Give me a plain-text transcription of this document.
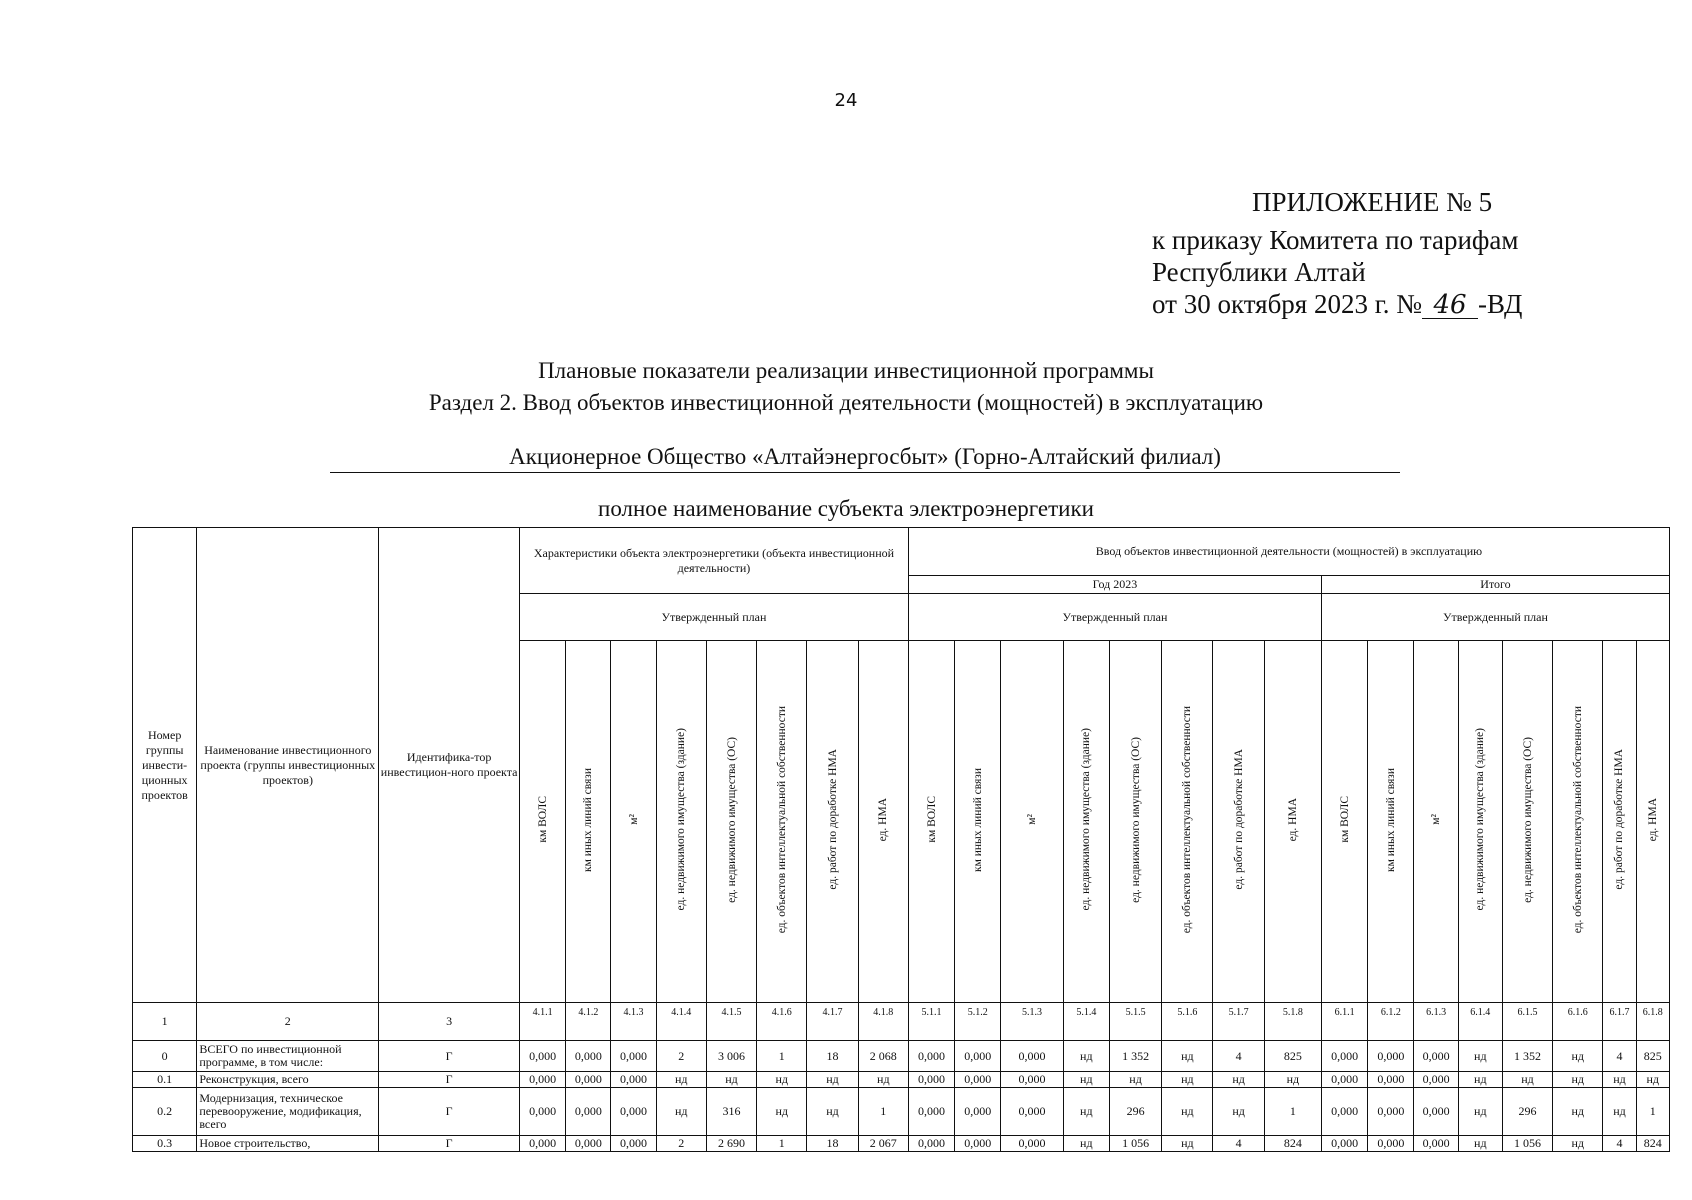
24
ПРИЛОЖЕНИЕ № 5
к приказу Комитета по тарифам
Республики Алтай
от 30 октября 2023 г. № 46 -ВД
Плановые показатели реализации инвестиционной программы
Раздел 2. Ввод объектов инвестиционной деятельности (мощностей) в эксплуатацию
Акционерное Общество «Алтайэнергосбыт» (Горно-Алтайский филиал)
полное наименование субъекта электроэнергетики
Номер группы инвести-ционных проектов	Наименование инвестиционного проекта (группы инвестиционных проектов)	Идентифика-тор инвестицион-ного проекта	Характеристики объекта электроэнергетики (объекта инвестиционной деятельности)								Ввод объектов инвестиционной деятельности (мощностей) в эксплуатацию															
											Год 2023								Итого							
			Утвержденный план								Утвержденный план								Утвержденный план							
			км ВОЛС	км иных линий связи	м²	ед. недвижимого имущества (здание)	ед. недвижимого имущества (ОС)	ед. объектов интеллектуальной собственности	ед. работ по доработке НМА	ед. НМА	км ВОЛС	км иных линий связи	м²	ед. недвижимого имущества (здание)	ед. недвижимого имущества (ОС)	ед. объектов интеллектуальной собственности	ед. работ по доработке НМА	ед. НМА	км ВОЛС	км иных линий связи	м²	ед. недвижимого имущества (здание)	ед. недвижимого имущества (ОС)	ед. объектов интеллектуальной собственности	ед. работ по доработке НМА	ед. НМА
1	2	3	4.1.1	4.1.2	4.1.3	4.1.4	4.1.5	4.1.6	4.1.7	4.1.8	5.1.1	5.1.2	5.1.3	5.1.4	5.1.5	5.1.6	5.1.7	5.1.8	6.1.1	6.1.2	6.1.3	6.1.4	6.1.5	6.1.6	6.1.7	6.1.8
0	ВСЕГО по инвестиционной программе, в том числе:	Г	0,000	0,000	0,000	2	3 006	1	18	2 068	0,000	0,000	0,000	нд	1 352	нд	4	825	0,000	0,000	0,000	нд	1 352	нд	4	825
0.1	Реконструкция, всего	Г	0,000	0,000	0,000	нд	нд	нд	нд	нд	0,000	0,000	0,000	нд	нд	нд	нд	нд	0,000	0,000	0,000	нд	нд	нд	нд	нд
0.2	Модернизация, техническое перевооружение, модификация, всего	Г	0,000	0,000	0,000	нд	316	нд	нд	1	0,000	0,000	0,000	нд	296	нд	нд	1	0,000	0,000	0,000	нд	296	нд	нд	1
0.3	Новое строительство,	Г	0,000	0,000	0,000	2	2 690	1	18	2 067	0,000	0,000	0,000	нд	1 056	нд	4	824	0,000	0,000	0,000	нд	1 056	нд	4	824
